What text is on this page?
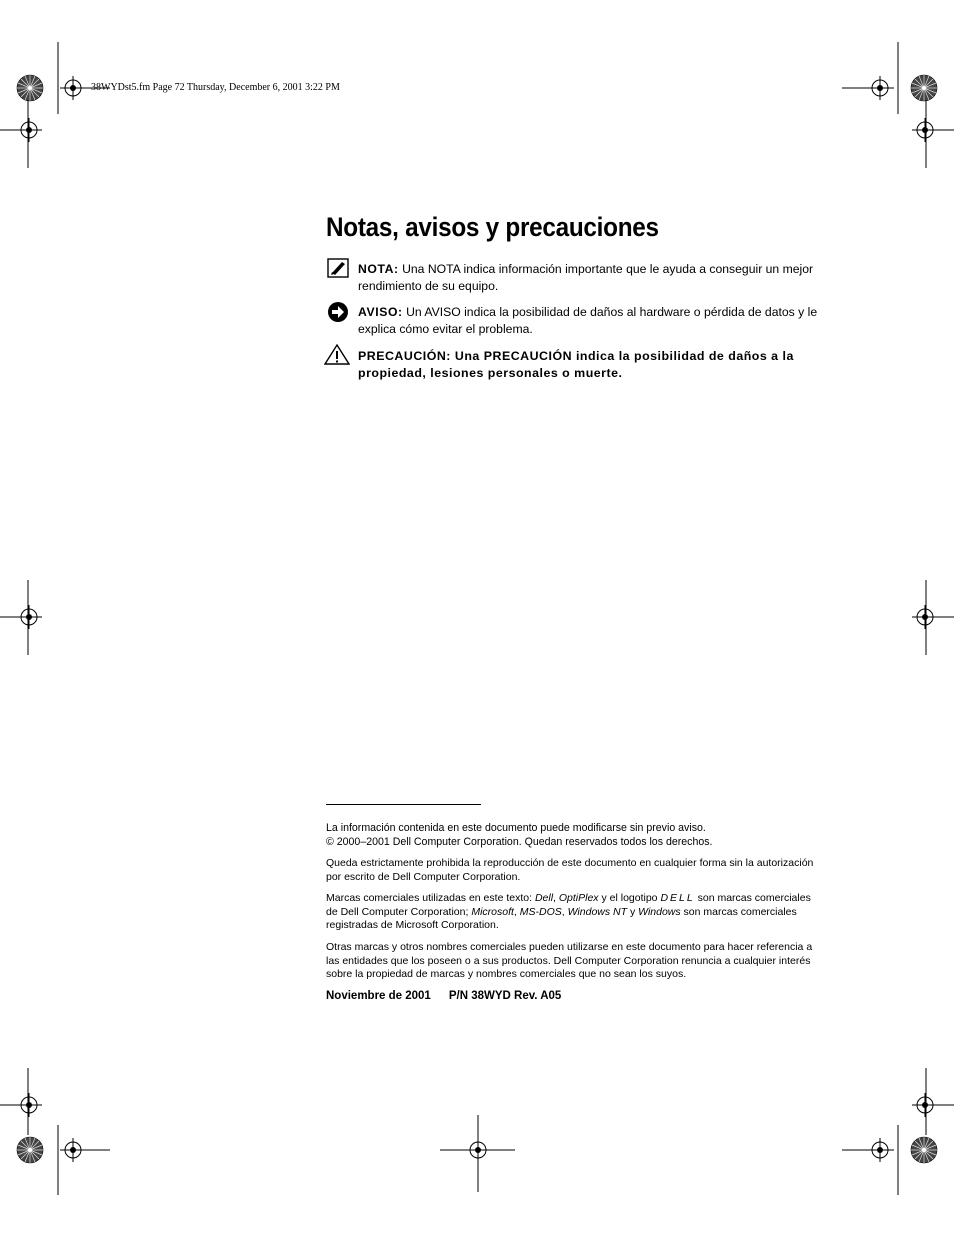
38WYDst5.fm Page 72 Thursday, December 6, 2001 3:22 PM
Notas, avisos y precauciones
NOTA: Una NOTA indica información importante que le ayuda a conseguir un mejor rendimiento de su equipo.
AVISO: Un AVISO indica la posibilidad de daños al hardware o pérdida de datos y le explica cómo evitar el problema.
PRECAUCIÓN: Una PRECAUCIÓN indica la posibilidad de daños a la propiedad, lesiones personales o muerte.
La información contenida en este documento puede modificarse sin previo aviso.
© 2000–2001 Dell Computer Corporation. Quedan reservados todos los derechos.
Queda estrictamente prohibida la reproducción de este documento en cualquier forma sin la autorización por escrito de Dell Computer Corporation.
Marcas comerciales utilizadas en este texto: Dell, OptiPlex y el logotipo DELL son marcas comerciales de Dell Computer Corporation; Microsoft, MS-DOS, Windows NT y Windows son marcas comerciales registradas de Microsoft Corporation.
Otras marcas y otros nombres comerciales pueden utilizarse en este documento para hacer referencia a las entidades que los poseen o a sus productos. Dell Computer Corporation renuncia a cualquier interés sobre la propiedad de marcas y nombres comerciales que no sean los suyos.
Noviembre de 2001 P/N 38WYD Rev. A05
